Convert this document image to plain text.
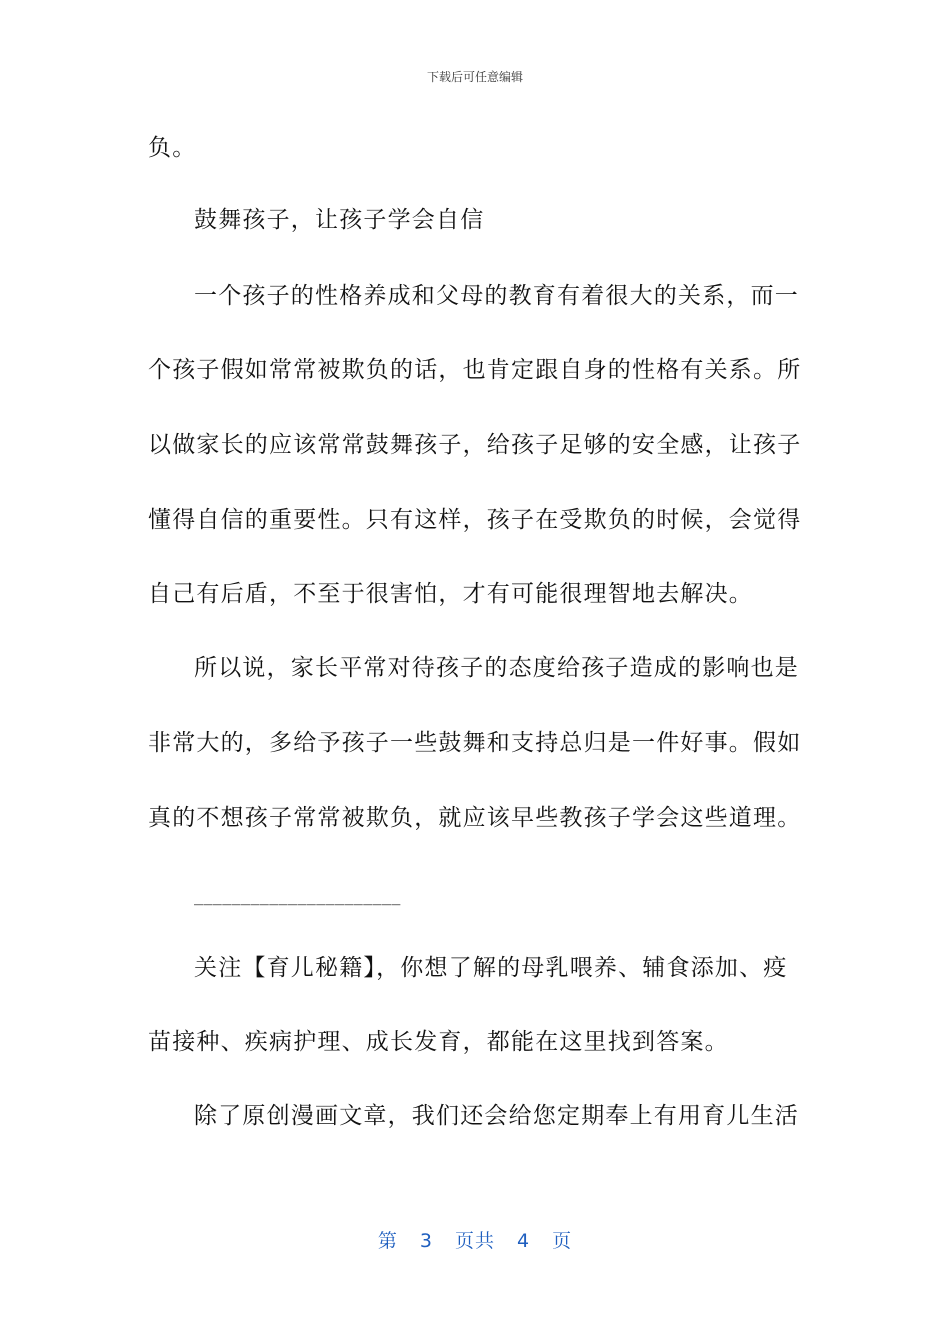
下载后可任意编辑
负。
鼓舞孩子，让孩子学会自信
一个孩子的性格养成和父母的教育有着很大的关系，而一
个孩子假如常常被欺负的话，也肯定跟自身的性格有关系。所
以做家长的应该常常鼓舞孩子，给孩子足够的安全感，让孩子
懂得自信的重要性。只有这样，孩子在受欺负的时候，会觉得
自己有后盾，不至于很害怕，才有可能很理智地去解决。
所以说，家长平常对待孩子的态度给孩子造成的影响也是
非常大的，多给予孩子一些鼓舞和支持总归是一件好事。假如
真的不想孩子常常被欺负，就应该早些教孩子学会这些道理。
______________________
关注【育儿秘籍】，你想了解的母乳喂养、辅食添加、疫
苗接种、疾病护理、成长发育，都能在这里找到答案。
除了原创漫画文章，我们还会给您定期奉上有用育儿生活
第 3 页共 4 页
